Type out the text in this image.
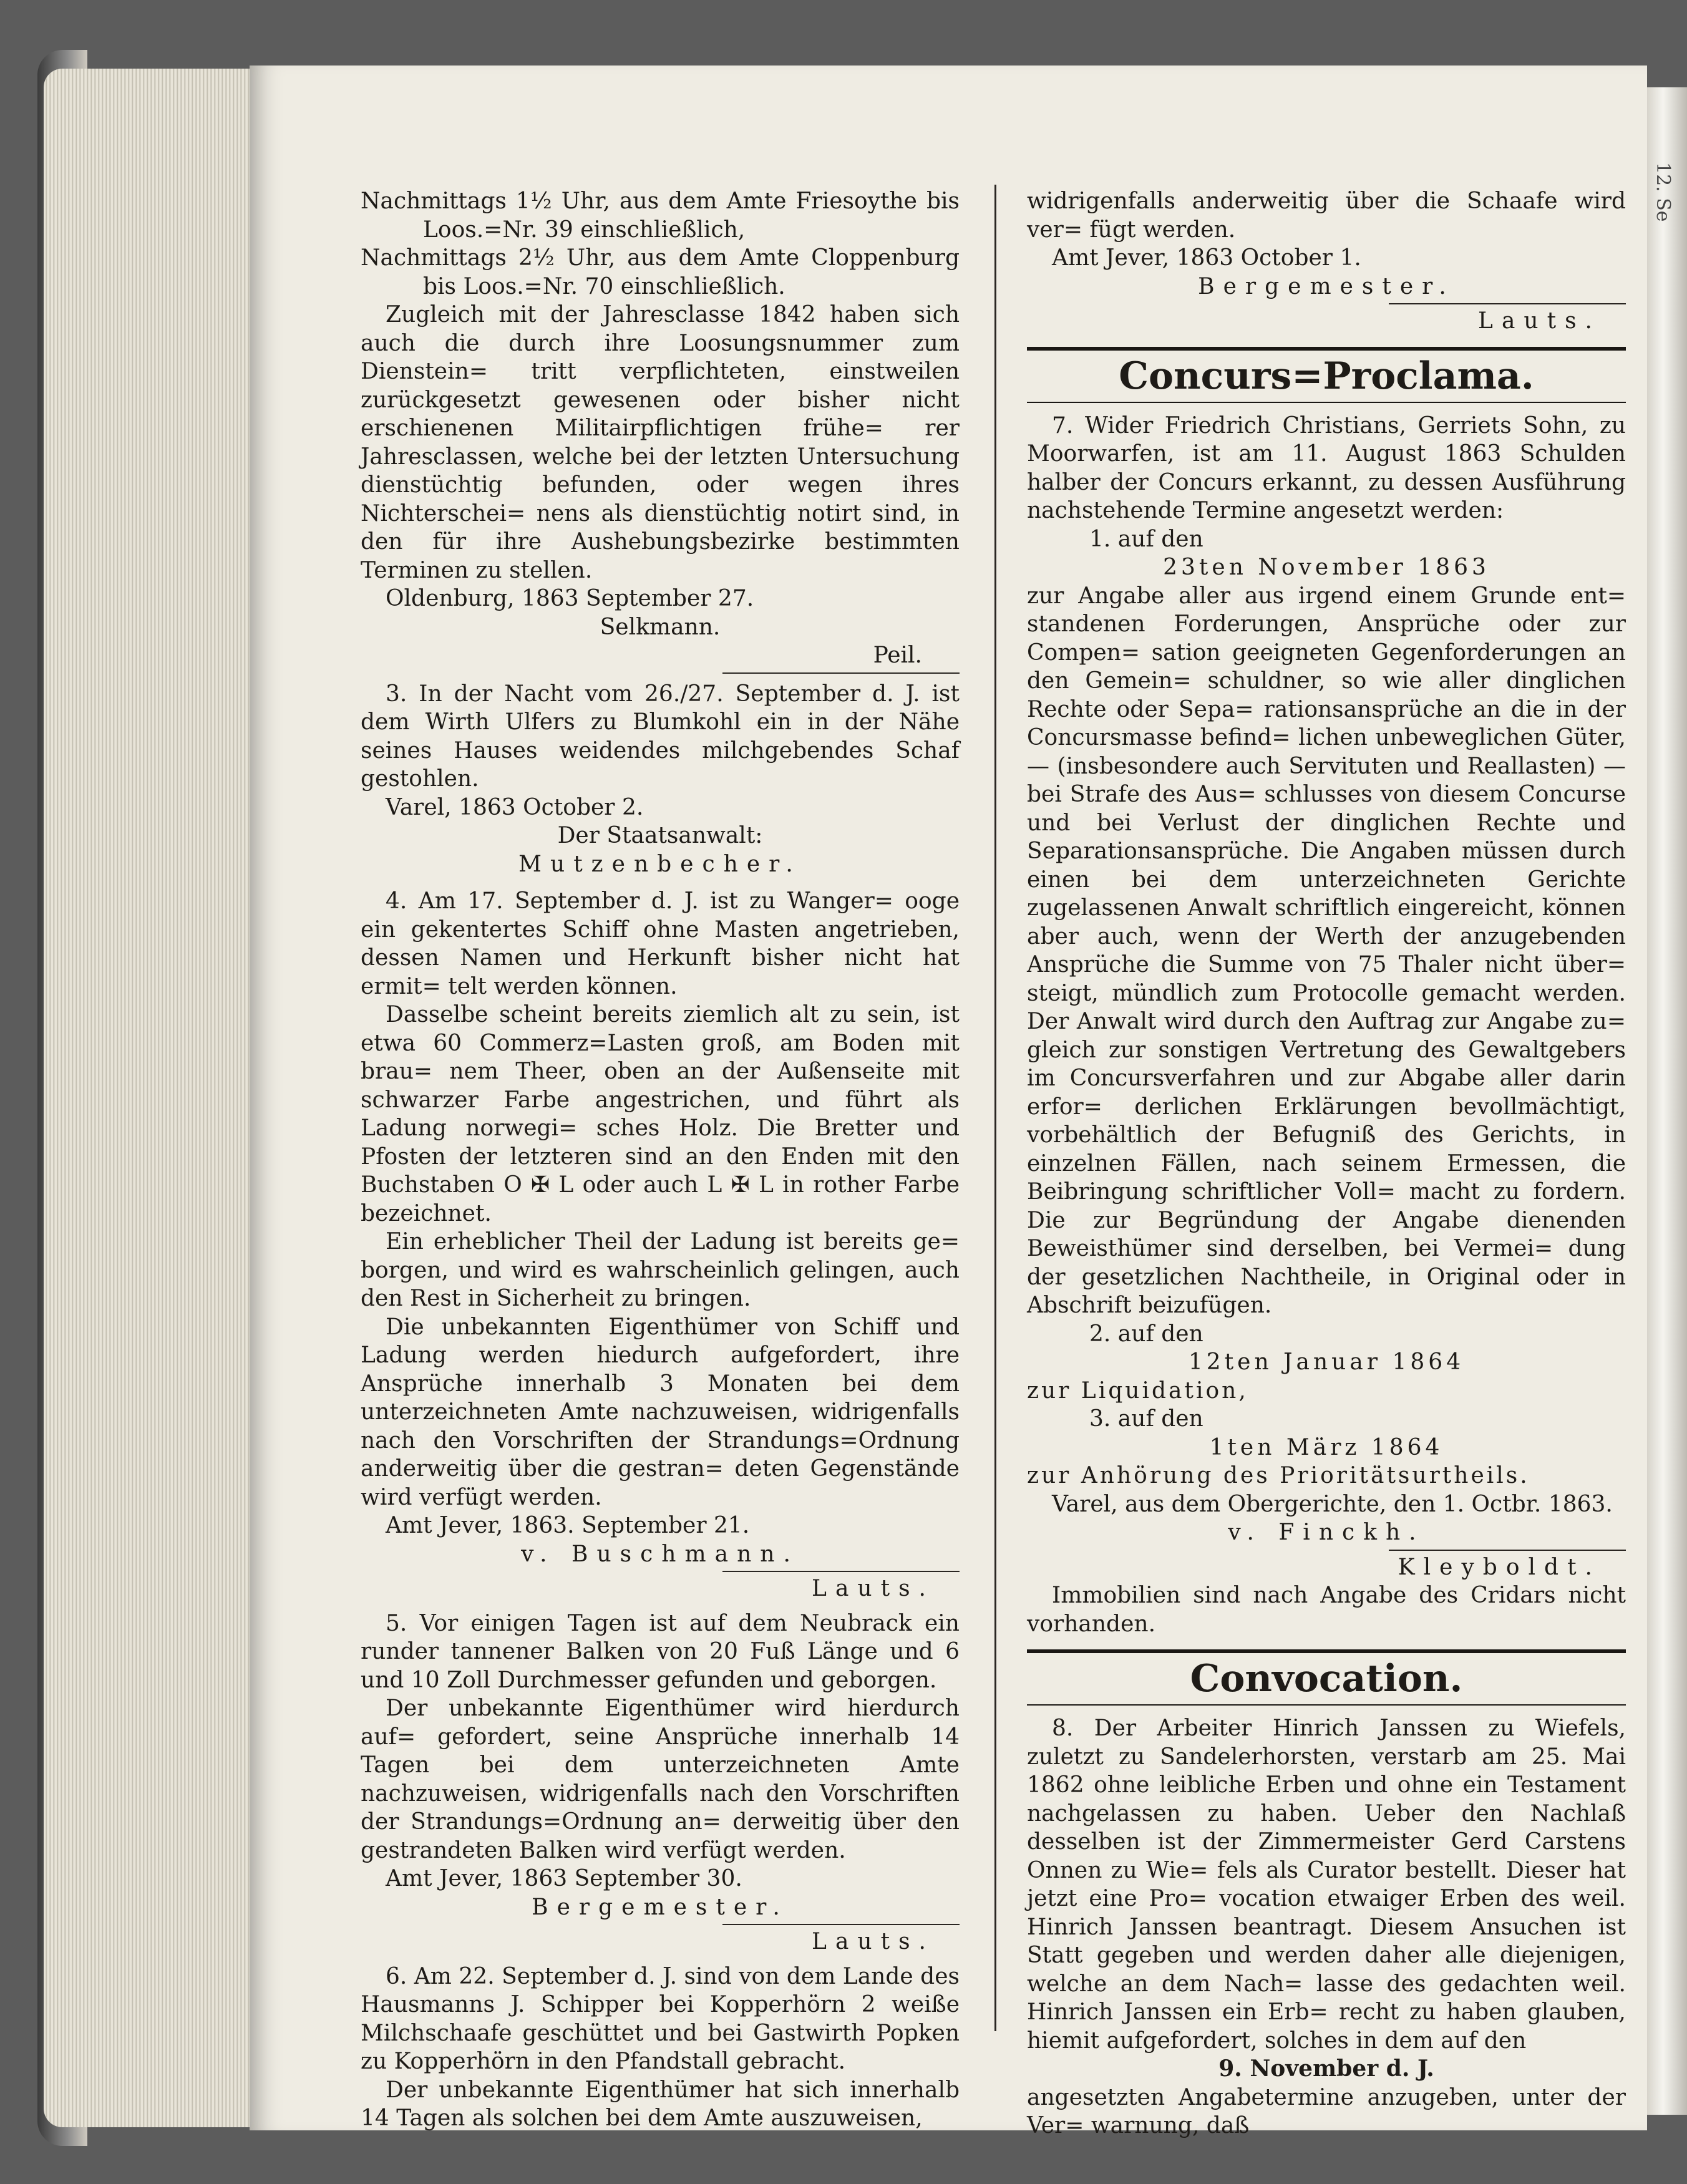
12. Se

Nachmittags 1½ Uhr, aus dem Amte Friesoythe bis Loos.=Nr. 39 einschließlich,

Nachmittags 2½ Uhr, aus dem Amte Cloppenburg bis Loos.=Nr. 70 einschließlich.

Zugleich mit der Jahresclasse 1842 haben sich auch die durch ihre Loosungsnummer zum Dienstein= tritt verpflichteten, einstweilen zurückgesetzt gewesenen oder bisher nicht erschienenen Militairpflichtigen frühe= rer Jahresclassen, welche bei der letzten Untersuchung dienstüchtig befunden, oder wegen ihres Nichterschei= nens als dienstüchtig notirt sind, in den für ihre Aushebungsbezirke bestimmten Terminen zu stellen.

Oldenburg, 1863 September 27.

Selkmann.

Peil.

3. In der Nacht vom 26./27. September d. J. ist dem Wirth Ulfers zu Blumkohl ein in der Nähe seines Hauses weidendes milchgebendes Schaf gestohlen.

Varel, 1863 October 2.

Der Staatsanwalt:

Mutzenbecher.

4. Am 17. September d. J. ist zu Wanger= ooge ein gekentertes Schiff ohne Masten angetrieben, dessen Namen und Herkunft bisher nicht hat ermit= telt werden können.

Dasselbe scheint bereits ziemlich alt zu sein, ist etwa 60 Commerz=Lasten groß, am Boden mit brau= nem Theer, oben an der Außenseite mit schwarzer Farbe angestrichen, und führt als Ladung norwegi= sches Holz. Die Bretter und Pfosten der letzteren sind an den Enden mit den Buchstaben O ✠ L oder auch L ✠ L in rother Farbe bezeichnet.

Ein erheblicher Theil der Ladung ist bereits ge= borgen, und wird es wahrscheinlich gelingen, auch den Rest in Sicherheit zu bringen.

Die unbekannten Eigenthümer von Schiff und Ladung werden hiedurch aufgefordert, ihre Ansprüche innerhalb 3 Monaten bei dem unterzeichneten Amte nachzuweisen, widrigenfalls nach den Vorschriften der Strandungs=Ordnung anderweitig über die gestran= deten Gegenstände wird verfügt werden.

Amt Jever, 1863. September 21.

v. Buschmann.

Lauts.

5. Vor einigen Tagen ist auf dem Neubrack ein runder tannener Balken von 20 Fuß Länge und 6 und 10 Zoll Durchmesser gefunden und geborgen.

Der unbekannte Eigenthümer wird hierdurch auf= gefordert, seine Ansprüche innerhalb 14 Tagen bei dem unterzeichneten Amte nachzuweisen, widrigenfalls nach den Vorschriften der Strandungs=Ordnung an= derweitig über den gestrandeten Balken wird verfügt werden.

Amt Jever, 1863 September 30.

Bergemester.

Lauts.

6. Am 22. September d. J. sind von dem Lande des Hausmanns J. Schipper bei Kopperhörn 2 weiße Milchschaafe geschüttet und bei Gastwirth Popken zu Kopperhörn in den Pfandstall gebracht.

Der unbekannte Eigenthümer hat sich innerhalb 14 Tagen als solchen bei dem Amte auszuweisen,

widrigenfalls anderweitig über die Schaafe wird ver= fügt werden.

Amt Jever, 1863 October 1.

Bergemester.

Lauts.

Concurs=Proclama.

7. Wider Friedrich Christians, Gerriets Sohn, zu Moorwarfen, ist am 11. August 1863 Schulden halber der Concurs erkannt, zu dessen Ausführung nachstehende Termine angesetzt werden:

1. auf den

23ten November 1863

zur Angabe aller aus irgend einem Grunde ent= standenen Forderungen, Ansprüche oder zur Compen= sation geeigneten Gegenforderungen an den Gemein= schuldner, so wie aller dinglichen Rechte oder Sepa= rationsansprüche an die in der Concursmasse befind= lichen unbeweglichen Güter, — (insbesondere auch Servituten und Reallasten) — bei Strafe des Aus= schlusses von diesem Concurse und bei Verlust der dinglichen Rechte und Separationsansprüche. Die Angaben müssen durch einen bei dem unterzeichneten Gerichte zugelassenen Anwalt schriftlich eingereicht, können aber auch, wenn der Werth der anzugebenden Ansprüche die Summe von 75 Thaler nicht über= steigt, mündlich zum Protocolle gemacht werden. Der Anwalt wird durch den Auftrag zur Angabe zu= gleich zur sonstigen Vertretung des Gewaltgebers im Concursverfahren und zur Abgabe aller darin erfor= derlichen Erklärungen bevollmächtigt, vorbehältlich der Befugniß des Gerichts, in einzelnen Fällen, nach seinem Ermessen, die Beibringung schriftlicher Voll= macht zu fordern. Die zur Begründung der Angabe dienenden Beweisthümer sind derselben, bei Vermei= dung der gesetzlichen Nachtheile, in Original oder in Abschrift beizufügen.

2. auf den

12ten Januar 1864

zur Liquidation,

3. auf den

1ten März 1864

zur Anhörung des Prioritätsurtheils.

Varel, aus dem Obergerichte, den 1. Octbr. 1863.

v. Finckh.

Kleyboldt.

Immobilien sind nach Angabe des Cridars nicht vorhanden.

Convocation.

8. Der Arbeiter Hinrich Janssen zu Wiefels, zuletzt zu Sandelerhorsten, verstarb am 25. Mai 1862 ohne leibliche Erben und ohne ein Testament nachgelassen zu haben. Ueber den Nachlaß desselben ist der Zimmermeister Gerd Carstens Onnen zu Wie= fels als Curator bestellt. Dieser hat jetzt eine Pro= vocation etwaiger Erben des weil. Hinrich Janssen beantragt. Diesem Ansuchen ist Statt gegeben und werden daher alle diejenigen, welche an dem Nach= lasse des gedachten weil. Hinrich Janssen ein Erb= recht zu haben glauben, hiemit aufgefordert, solches in dem auf den

9. November d. J.

angesetzten Angabetermine anzugeben, unter der Ver= warnung, daß
